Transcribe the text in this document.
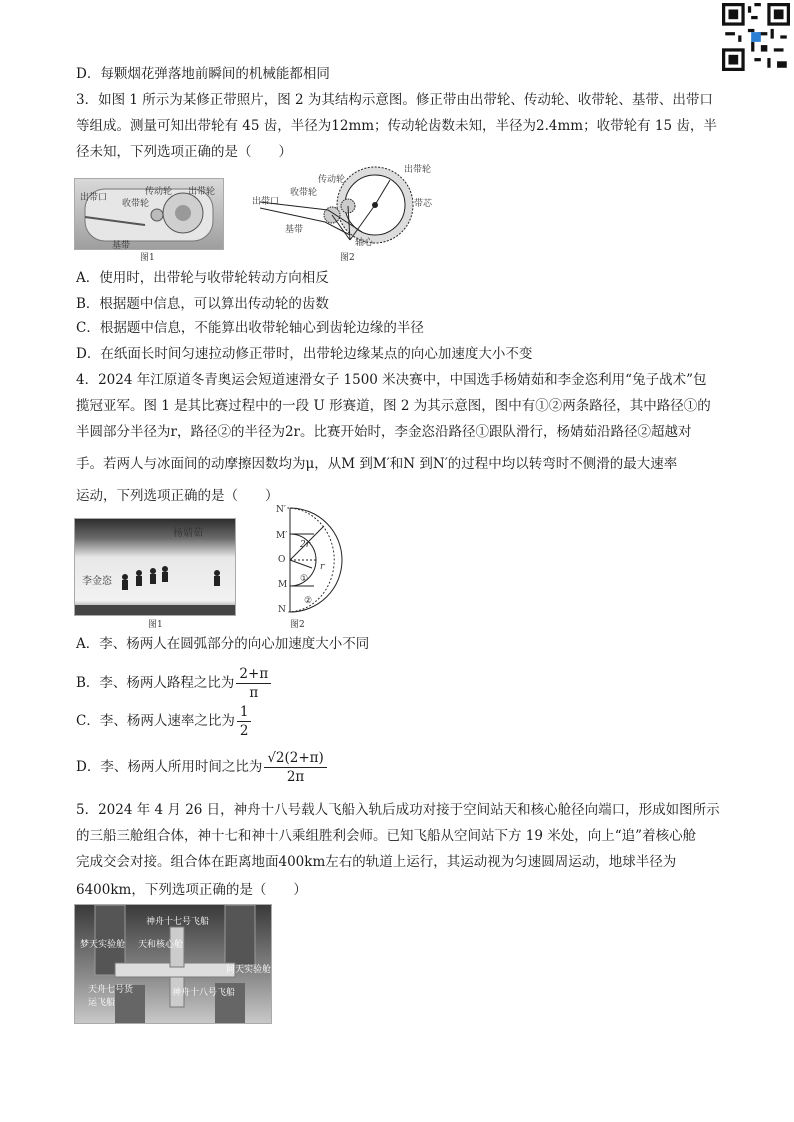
D．每颗烟花弹落地前瞬间的机械能都相同
3．如图 1 所示为某修正带照片，图 2 为其结构示意图。修正带由出带轮、传动轮、收带轮、基带、出带口
等组成。测量可知出带轮有 45 齿，半径为12mm；传动轮齿数未知，半径为2.4mm；收带轮有 15 齿，半
径未知，下列选项正确的是（　　）
出带口
收带轮
传动轮 出带轮
基带
图1
出带轮
传动轮
收带轮
出带口
基带
轴心
带芯
图2
A．使用时，出带轮与收带轮转动方向相反
B．根据题中信息，可以算出传动轮的齿数
C．根据题中信息，不能算出收带轮轴心到齿轮边缘的半径
D．在纸面长时间匀速拉动修正带时，出带轮边缘某点的向心加速度大小不变
4．2024 年江原道冬青奥运会短道速滑女子 1500 米决赛中，中国选手杨婧茹和李金恣利用“兔子战术”包
揽冠亚军。图 1 是其比赛过程中的一段 U 形赛道，图 2 为其示意图，图中有①②两条路径，其中路径①的
半圆部分半径为r，路径②的半径为2r。比赛开始时，李金恣沿路径①跟队滑行，杨婧茹沿路径②超越对
手。若两人与冰面间的动摩擦因数均为μ，从M 到M′和N 到N′的过程中均以转弯时不侧滑的最大速率
运动，下列选项正确的是（　　）
杨婧茹
李金恣
图1
N′
M′
O
M
N
2r
r
①
②
图2
A．李、杨两人在圆弧部分的向心加速度大小不同
B．李、杨两人路程之比为 $\frac{2+\pi}{\pi}$
C．李、杨两人速率之比为 $\frac{1}{2}$
D．李、杨两人所用时间之比为 $\frac{√2(2+\pi)}{2\pi}$
5．2024 年 4 月 26 日，神舟十八号载人飞船入轨后成功对接于空间站天和核心舱径向端口，形成如图所示
的三船三舱组合体，神十七和神十八乘组胜利会师。已知飞船从空间站下方 19 米处，向上“追”着核心舱
完成交会对接。组合体在距离地面400km左右的轨道上运行，其运动视为匀速圆周运动，地球半径为
6400km，下列选项正确的是（　　）
神舟十七号飞船
梦天实验舱 天和核心舱
问天实验舱
天舟七号货运飞船
神舟十八号飞船
